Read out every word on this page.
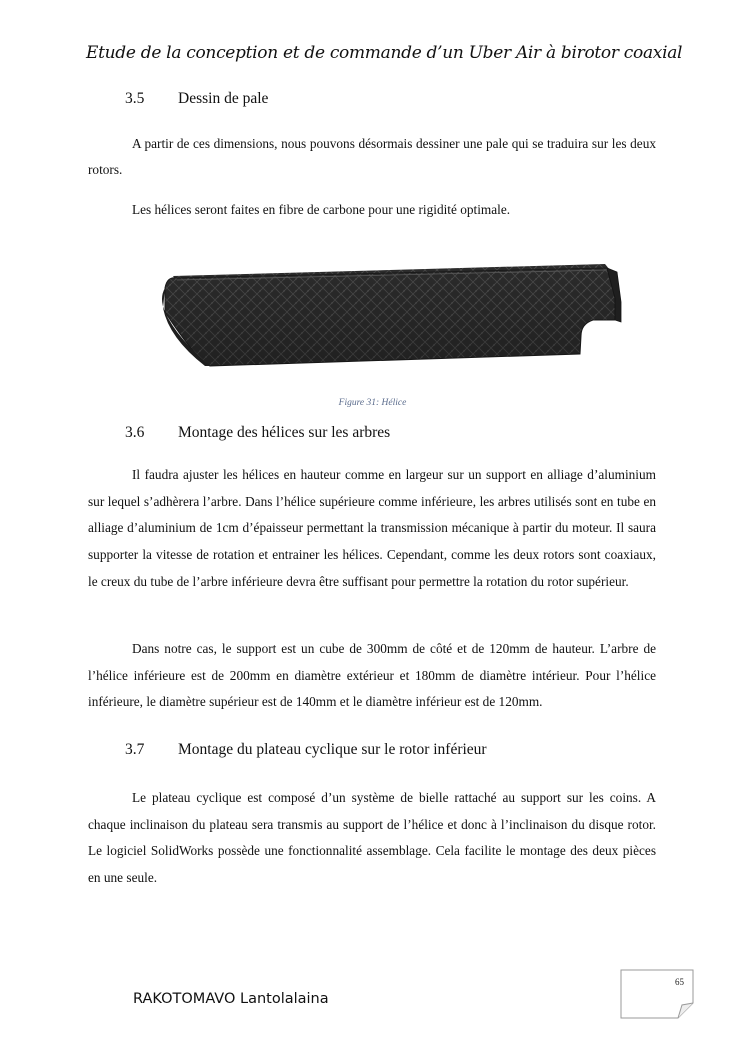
Etude de la conception et de commande d’un Uber Air à birotor coaxial
3.5 Dessin de pale

A partir de ces dimensions, nous pouvons désormais dessiner une pale qui se traduira sur les deux rotors.

Les hélices seront faites en fibre de carbone pour une rigidité optimale.

Figure 31: Hélice
3.6 Montage des hélices sur les arbres

Il faudra ajuster les hélices en hauteur comme en largeur sur un support en alliage d’aluminium sur lequel s’adhèrera l’arbre. Dans l’hélice supérieure comme inférieure, les arbres utilisés sont en tube en alliage d’aluminium de 1cm d’épaisseur permettant la transmission mécanique à partir du moteur. Il saura supporter la vitesse de rotation et entrainer les hélices. Cependant, comme les deux rotors sont coaxiaux, le creux du tube de l’arbre inférieure devra être suffisant pour permettre la rotation du rotor supérieur.

Dans notre cas, le support est un cube de 300mm de côté et de 120mm de hauteur. L’arbre de l’hélice inférieure est de 200mm en diamètre extérieur et 180mm de diamètre intérieur. Pour l’hélice inférieure, le diamètre supérieur est de 140mm et le diamètre inférieur est de 120mm.

3.7 Montage du plateau cyclique sur le rotor inférieur

Le plateau cyclique est composé d’un système de bielle rattaché au support sur les coins. A chaque inclinaison du plateau sera transmis au support de l’hélice et donc à l’inclinaison du disque rotor. Le logiciel SolidWorks possède une fonctionnalité assemblage. Cela facilite le montage des deux pièces en une seule.

RAKOTOMAVO Lantolalaina
65
